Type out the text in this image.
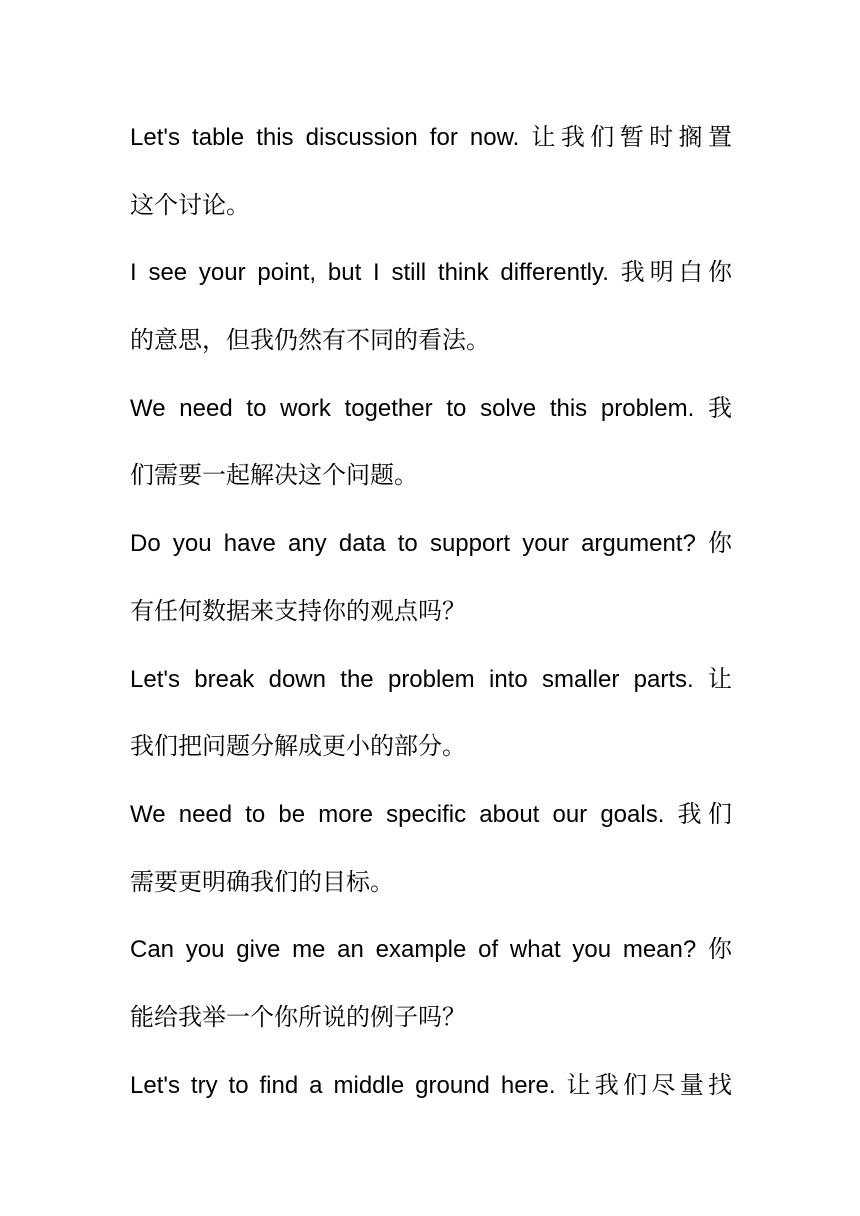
Let's table this discussion for now. 让我们暂时搁置
这个讨论。
I see your point, but I still think differently. 我明白你
的意思，但我仍然有不同的看法。
We need to work together to solve this problem. 我
们需要一起解决这个问题。
Do you have any data to support your argument? 你
有任何数据来支持你的观点吗？
Let's break down the problem into smaller parts. 让
我们把问题分解成更小的部分。
We need to be more specific about our goals. 我们
需要更明确我们的目标。
Can you give me an example of what you mean? 你
能给我举一个你所说的例子吗？
Let's try to find a middle ground here. 让我们尽量找
